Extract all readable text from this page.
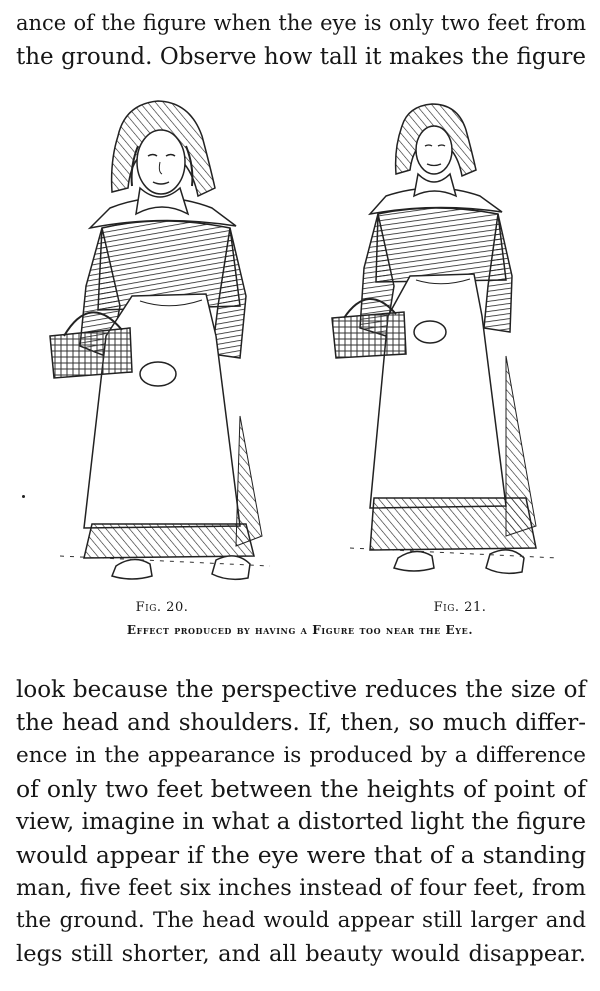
ance of the figure when the eye is only two feet from
the ground. Observe how tall it makes the figure
Fig. 20.	Fig. 21.
Effect produced by having a Figure too near the Eye.
look because the perspective reduces the size of
the head and shoulders. If, then, so much differ-
ence in the appearance is produced by a difference
of only two feet between the heights of point of
view, imagine in what a distorted light the figure
would appear if the eye were that of a standing
man, five feet six inches instead of four feet, from
the ground. The head would appear still larger and
legs still shorter, and all beauty would disappear.
